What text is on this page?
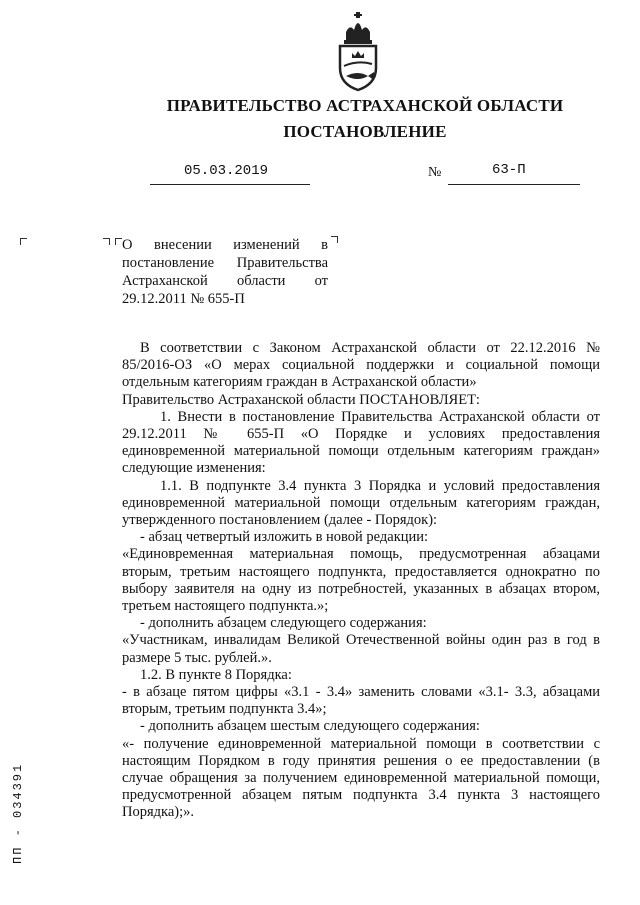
ПРАВИТЕЛЬСТВО АСТРАХАНСКОЙ ОБЛАСТИ
ПОСТАНОВЛЕНИЕ
05.03.2019	№	63-П
О внесении изменений в постановление Правительства Астраханской области от 29.12.2011 № 655-П

В соответствии с Законом Астраханской области от 22.12.2016 № 85/2016-ОЗ «О мерах социальной поддержки и социальной помощи отдельным категориям граждан в Астраханской области»

Правительство Астраханской области ПОСТАНОВЛЯЕТ:

1. Внести в постановление Правительства Астраханской области от 29.12.2011 № 655-П «О Порядке и условиях предоставления единовременной материальной помощи отдельным категориям граждан» следующие изменения:

1.1. В подпункте 3.4 пункта 3 Порядка и условий предоставления единовременной материальной помощи отдельным категориям граждан, утвержденного постановлением (далее - Порядок):

- абзац четвертый изложить в новой редакции:

«Единовременная материальная помощь, предусмотренная абзацами вторым, третьим настоящего подпункта, предоставляется однократно по выбору заявителя на одну из потребностей, указанных в абзацах втором, третьем настоящего подпункта.»;

- дополнить абзацем следующего содержания:

«Участникам, инвалидам Великой Отечественной войны один раз в год в размере 5 тыс. рублей.».

1.2. В пункте 8 Порядка:

- в абзаце пятом цифры «3.1 - 3.4» заменить словами «3.1- 3.3, абзацами вторым, третьим подпункта 3.4»;

- дополнить абзацем шестым следующего содержания:

«- получение единовременной материальной помощи в соответствии с настоящим Порядком в году принятия решения о ее предоставлении (в случае обращения за получением единовременной материальной помощи, предусмотренной абзацем пятым подпункта 3.4 пункта 3 настоящего Порядка);».

ПП - 034391
